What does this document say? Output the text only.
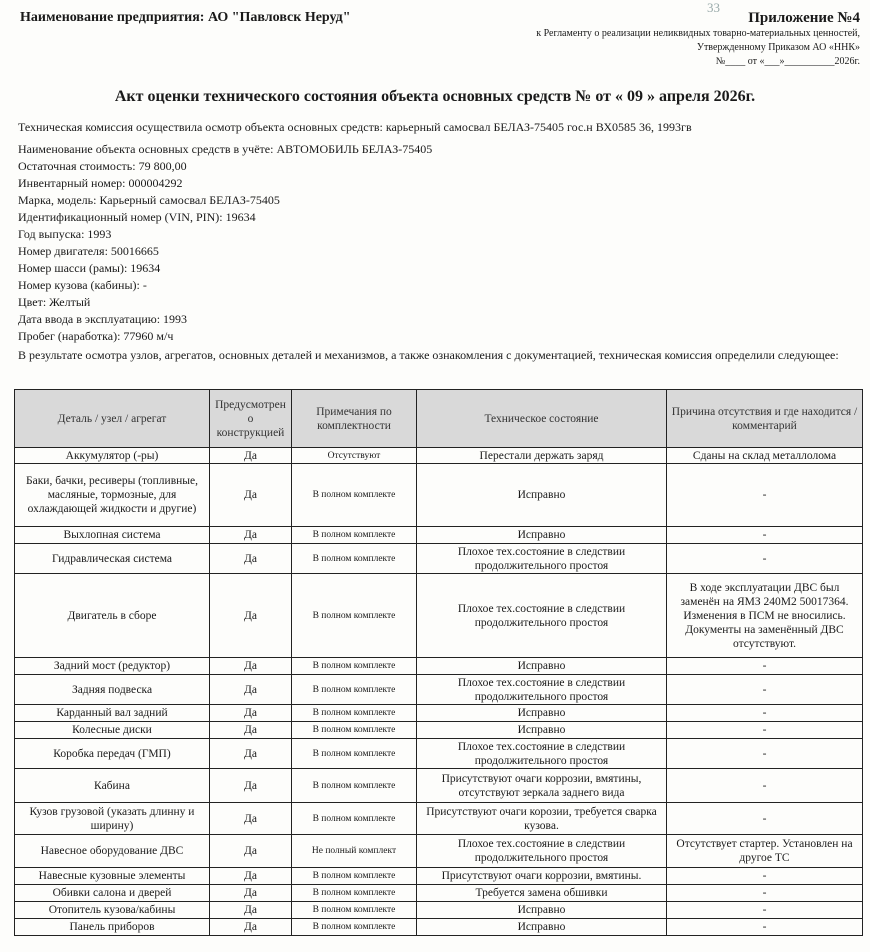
Наименование предприятия: АО "Павловск Неруд"
33
Приложение №4
к Регламенту о реализации неликвидных товарно-материальных ценностей,
Утвержденному Приказом АО «ННК»
№____ от «___»__________2026г.
Акт оценки технического состояния объекта основных средств № от « 09 » апреля 2026г.
Техническая комиссия осуществила осмотр объекта основных средств: карьерный самосвал БЕЛАЗ-75405 гос.н ВХ0585 36, 1993гв
Наименование объекта основных средств в учёте: АВТОМОБИЛЬ БЕЛАЗ-75405
Остаточная стоимость: 79 800,00
Инвентарный номер: 000004292
Марка, модель: Карьерный самосвал БЕЛАЗ-75405
Идентификационный номер (VIN, PIN): 19634
Год выпуска: 1993
Номер двигателя: 50016665
Номер шасси (рамы): 19634
Номер кузова (кабины): -
Цвет: Желтый
Дата ввода в эксплуатацию: 1993
Пробег (наработка): 77960 м/ч
В результате осмотра узлов, агрегатов, основных деталей и механизмов, а также ознакомления с документацией, техническая комиссия определили следующее:
Деталь / узел / агрегат	Предусмотрен о конструкцией	Примечания по комплектности	Техническое состояние	Причина отсутствия и где находится / комментарий
Аккумулятор (-ры)	Да	Отсутствуют	Перестали держать заряд	Сданы на склад металлолома
Баки, бачки, ресиверы (топливные, масляные, тормозные, для охлаждающей жидкости и другие)	Да	В полном комплекте	Исправно	-
Выхлопная система	Да	В полном комплекте	Исправно	-
Гидравлическая система	Да	В полном комплекте	Плохое тех.состояние в следствии продолжительного простоя	-
Двигатель в сборе	Да	В полном комплекте	Плохое тех.состояние в следствии продолжительного простоя	В ходе эксплуатации ДВС был заменён на ЯМЗ 240М2 50017364. Изменения в ПСМ не вносились. Документы на заменённый ДВС отсутствуют.
Задний мост (редуктор)	Да	В полном комплекте	Исправно	-
Задняя подвеска	Да	В полном комплекте	Плохое тех.состояние в следствии продолжительного простоя	-
Карданный вал задний	Да	В полном комплекте	Исправно	-
Колесные диски	Да	В полном комплекте	Исправно	-
Коробка передач (ГМП)	Да	В полном комплекте	Плохое тех.состояние в следствии продолжительного простоя	-
Кабина	Да	В полном комплекте	Присутствуют очаги коррозии, вмятины, отсутствуют зеркала заднего вида	-
Кузов грузовой (указать длинну и ширину)	Да	В полном комплекте	Присутствуют очаги корозии, требуется сварка кузова.	-
Навесное оборудование ДВС	Да	Не полный комплект	Плохое тех.состояние в следствии продолжительного простоя	Отсутствует стартер. Установлен на другое ТС
Навесные кузовные элементы	Да	В полном комплекте	Присутствуют очаги коррозии, вмятины.	-
Обивки салона и дверей	Да	В полном комплекте	Требуется замена обшивки	-
Отопитель кузова/кабины	Да	В полном комплекте	Исправно	-
Панель приборов	Да	В полном комплекте	Исправно	-
